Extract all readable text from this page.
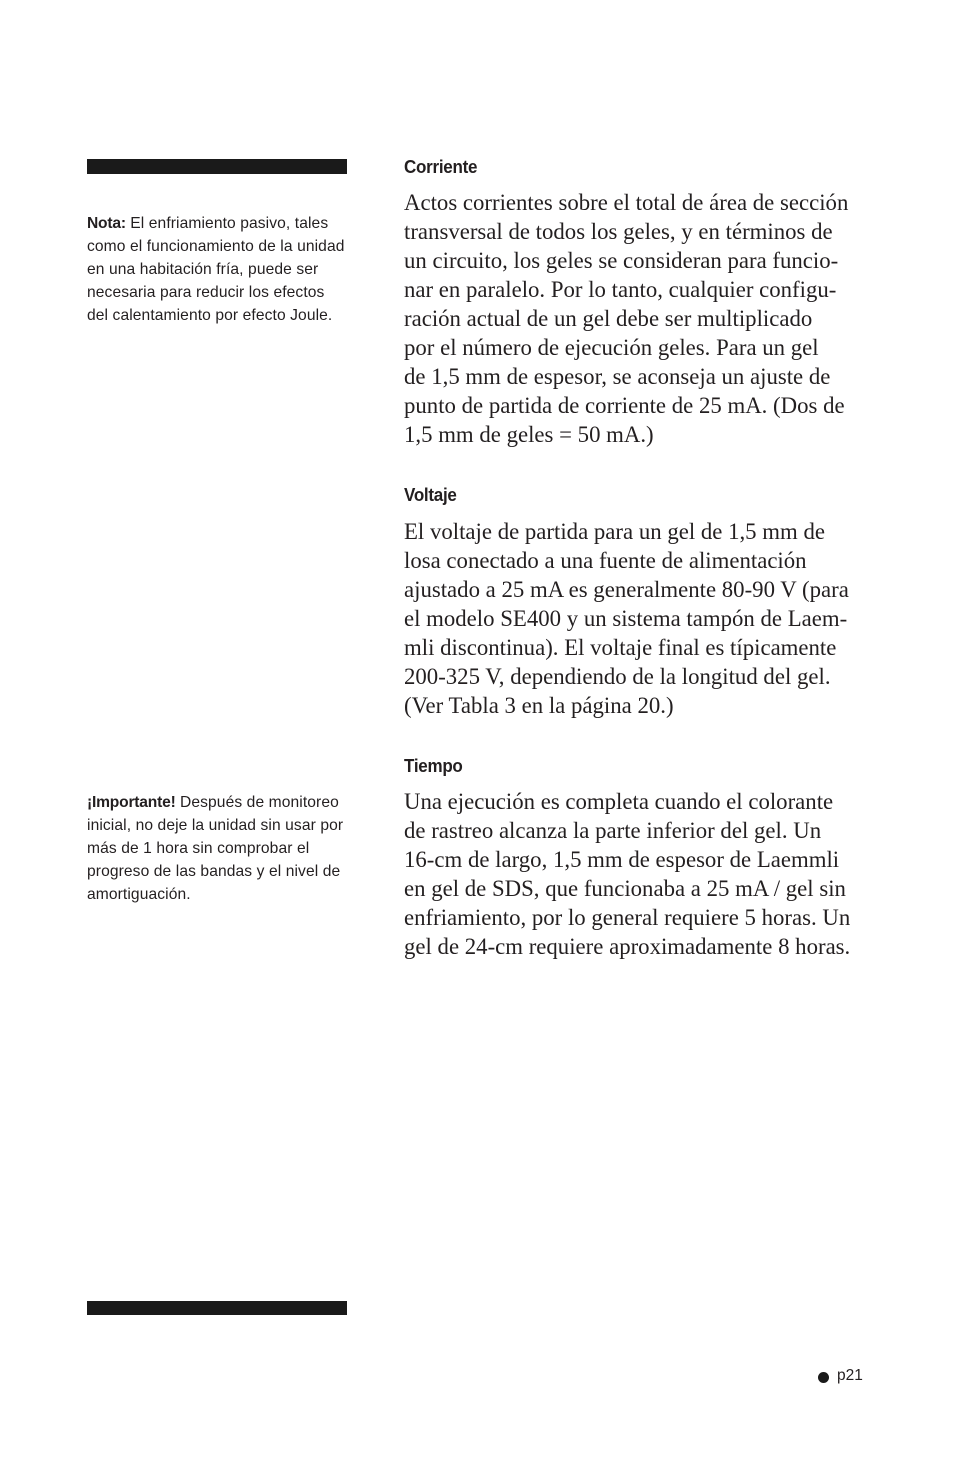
Nota: El enfriamiento pasivo, tales como el funcionamiento de la unidad en una habitación fría, puede ser necesaria para reducir los efectos del calentamiento por efecto Joule.
¡Importante! Después de monitoreo inicial, no deje la unidad sin usar por más de 1 hora sin comprobar el progreso de las bandas y el nivel de amortiguación.
Corriente

Actos corrientes sobre el total de área de sección
transversal de todos los geles, y en términos de
un circuito, los geles se consideran para funcio-
nar en paralelo. Por lo tanto, cualquier configu-
ración actual de un gel debe ser multiplicado
por el número de ejecución geles. Para un gel
de 1,5 mm de espesor, se aconseja un ajuste de
punto de partida de corriente de 25 mA. (Dos de
1,5 mm de geles = 50 mA.)

Voltaje

El voltaje de partida para un gel de 1,5 mm de
losa conectado a una fuente de alimentación
ajustado a 25 mA es generalmente 80-90 V (para
el modelo SE400 y un sistema tampón de Laem-
mli discontinua). El voltaje final es típicamente
200-325 V, dependiendo de la longitud del gel.
(Ver Tabla 3 en la página 20.)

Tiempo

Una ejecución es completa cuando el colorante
de rastreo alcanza la parte inferior del gel. Un
16-cm de largo, 1,5 mm de espesor de Laemmli
en gel de SDS, que funcionaba a 25 mA / gel sin
enfriamiento, por lo general requiere 5 horas. Un
gel de 24-cm requiere aproximadamente 8 horas.

p21
